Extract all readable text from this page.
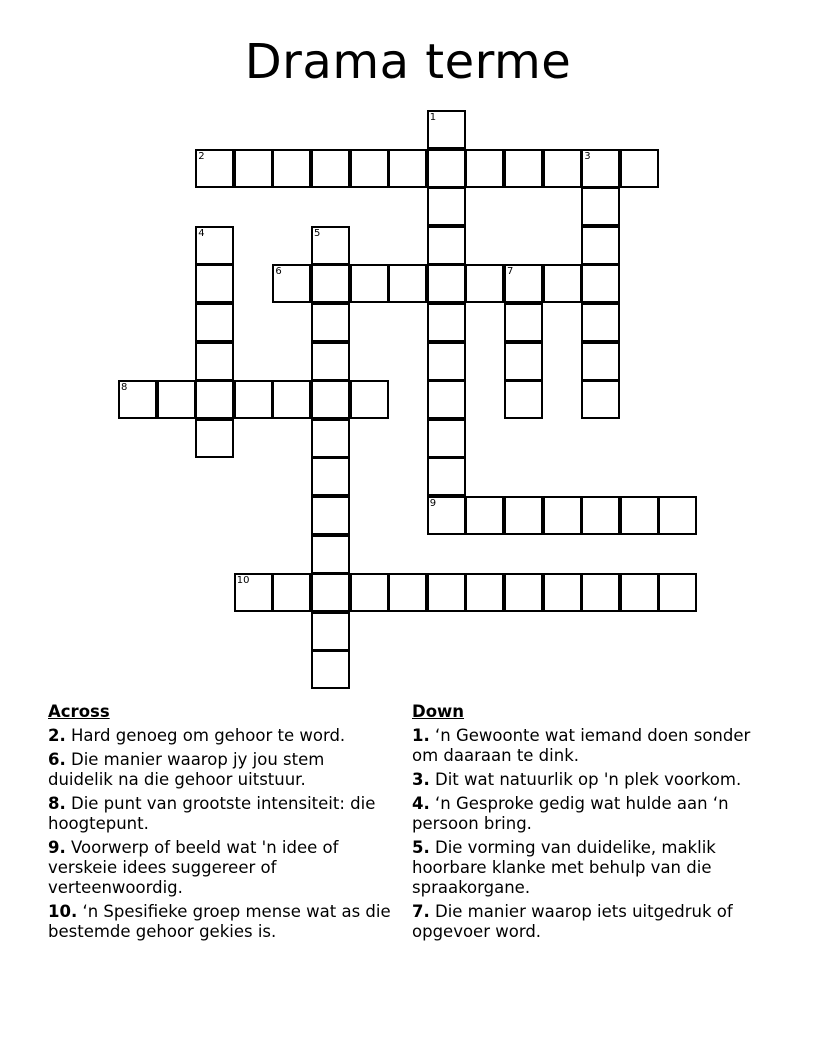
Drama terme
1
9
2	3
4	5
6	7
8
10
Across
2. Hard genoeg om gehoor te word.
6. Die manier waarop jy jou stem duidelik na die gehoor uitstuur.
8. Die punt van grootste intensiteit: die hoogtepunt.
9. Voorwerp of beeld wat 'n idee of verskeie idees suggereer of verteenwoordig.
10. ‘n Spesifieke groep mense wat as die bestemde gehoor gekies is.
Down
1. ‘n Gewoonte wat iemand doen sonder om daaraan te dink.
3. Dit wat natuurlik op 'n plek voorkom.
4. ‘n Gesproke gedig wat hulde aan ‘n persoon bring.
5. Die vorming van duidelike, maklik hoorbare klanke met behulp van die spraakorgane.
7. Die manier waarop iets uitgedruk of opgevoer word.
